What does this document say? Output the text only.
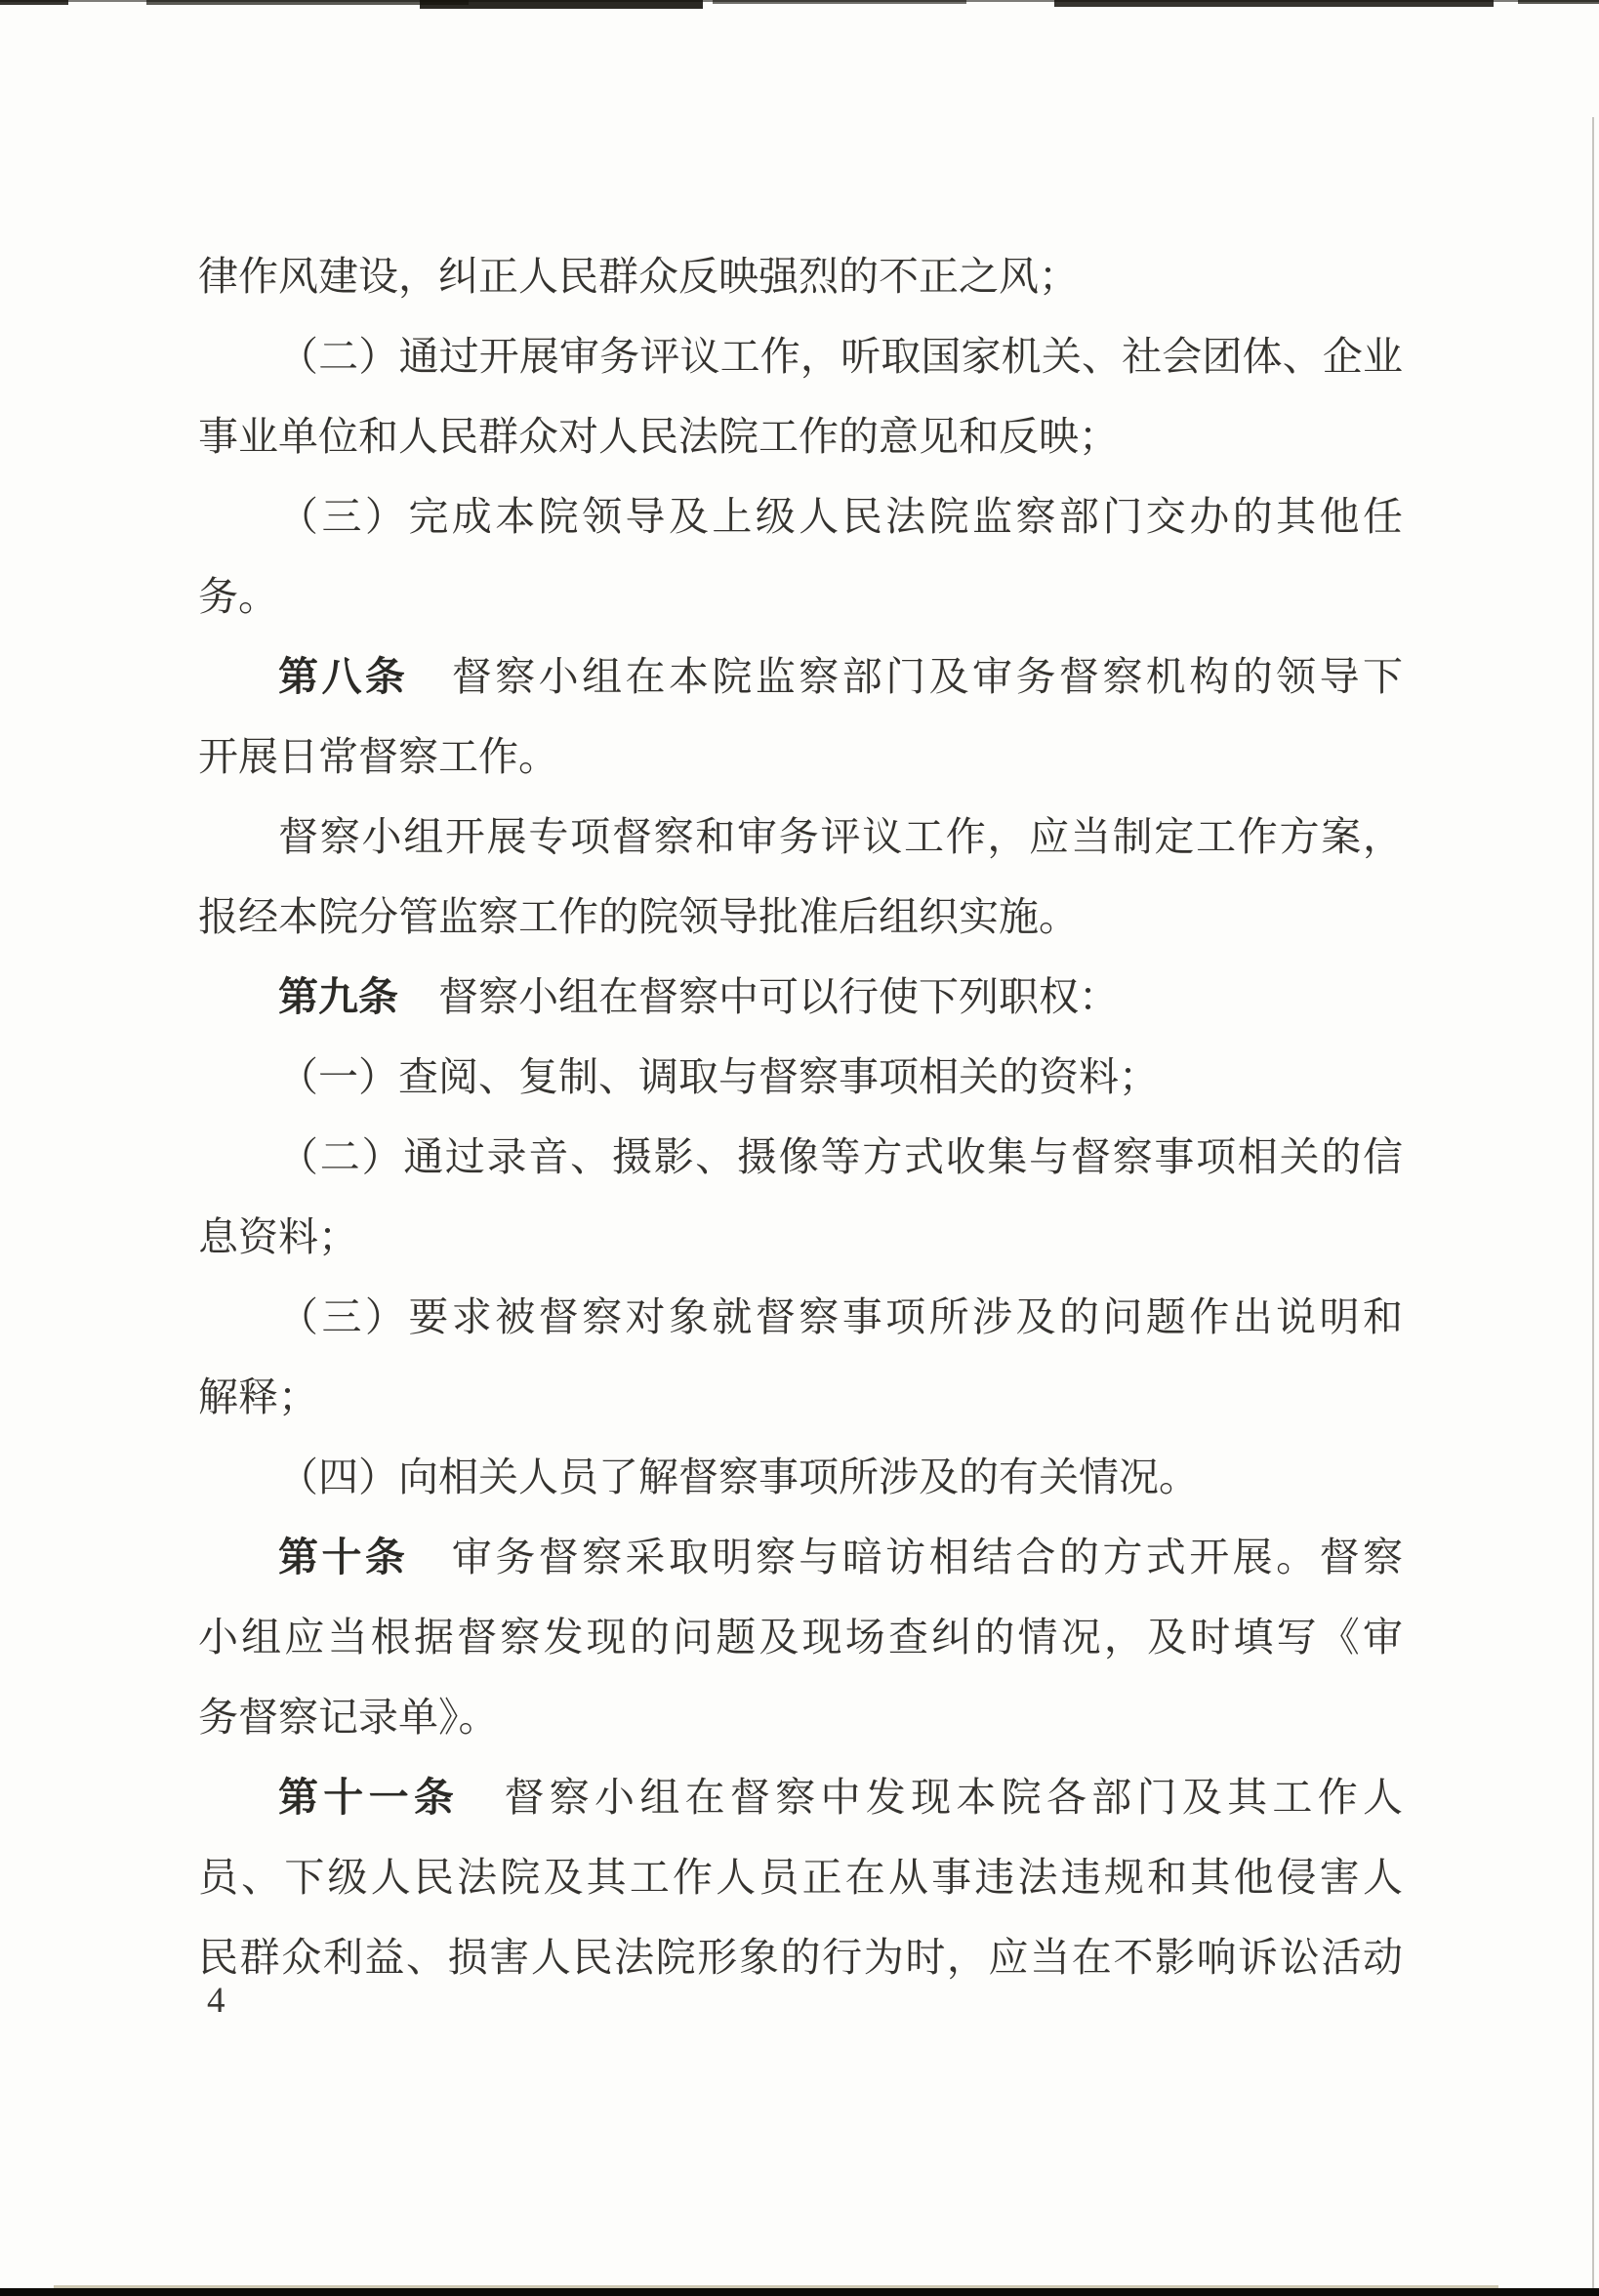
律作风建设，纠正人民群众反映强烈的不正之风；
（二）通过开展审务评议工作，听取国家机关、社会团体、企业
事业单位和人民群众对人民法院工作的意见和反映；
（三）完成本院领导及上级人民法院监察部门交办的其他任
务。
第八条　督察小组在本院监察部门及审务督察机构的领导下
开展日常督察工作。
督察小组开展专项督察和审务评议工作，应当制定工作方案，
报经本院分管监察工作的院领导批准后组织实施。
第九条　督察小组在督察中可以行使下列职权：
（一）查阅、复制、调取与督察事项相关的资料；
（二）通过录音、摄影、摄像等方式收集与督察事项相关的信
息资料；
（三）要求被督察对象就督察事项所涉及的问题作出说明和
解释；
（四）向相关人员了解督察事项所涉及的有关情况。
第十条　审务督察采取明察与暗访相结合的方式开展。督察
小组应当根据督察发现的问题及现场查纠的情况，及时填写《审
务督察记录单》。
第十一条　督察小组在督察中发现本院各部门及其工作人
员、下级人民法院及其工作人员正在从事违法违规和其他侵害人
民群众利益、损害人民法院形象的行为时，应当在不影响诉讼活动
4
